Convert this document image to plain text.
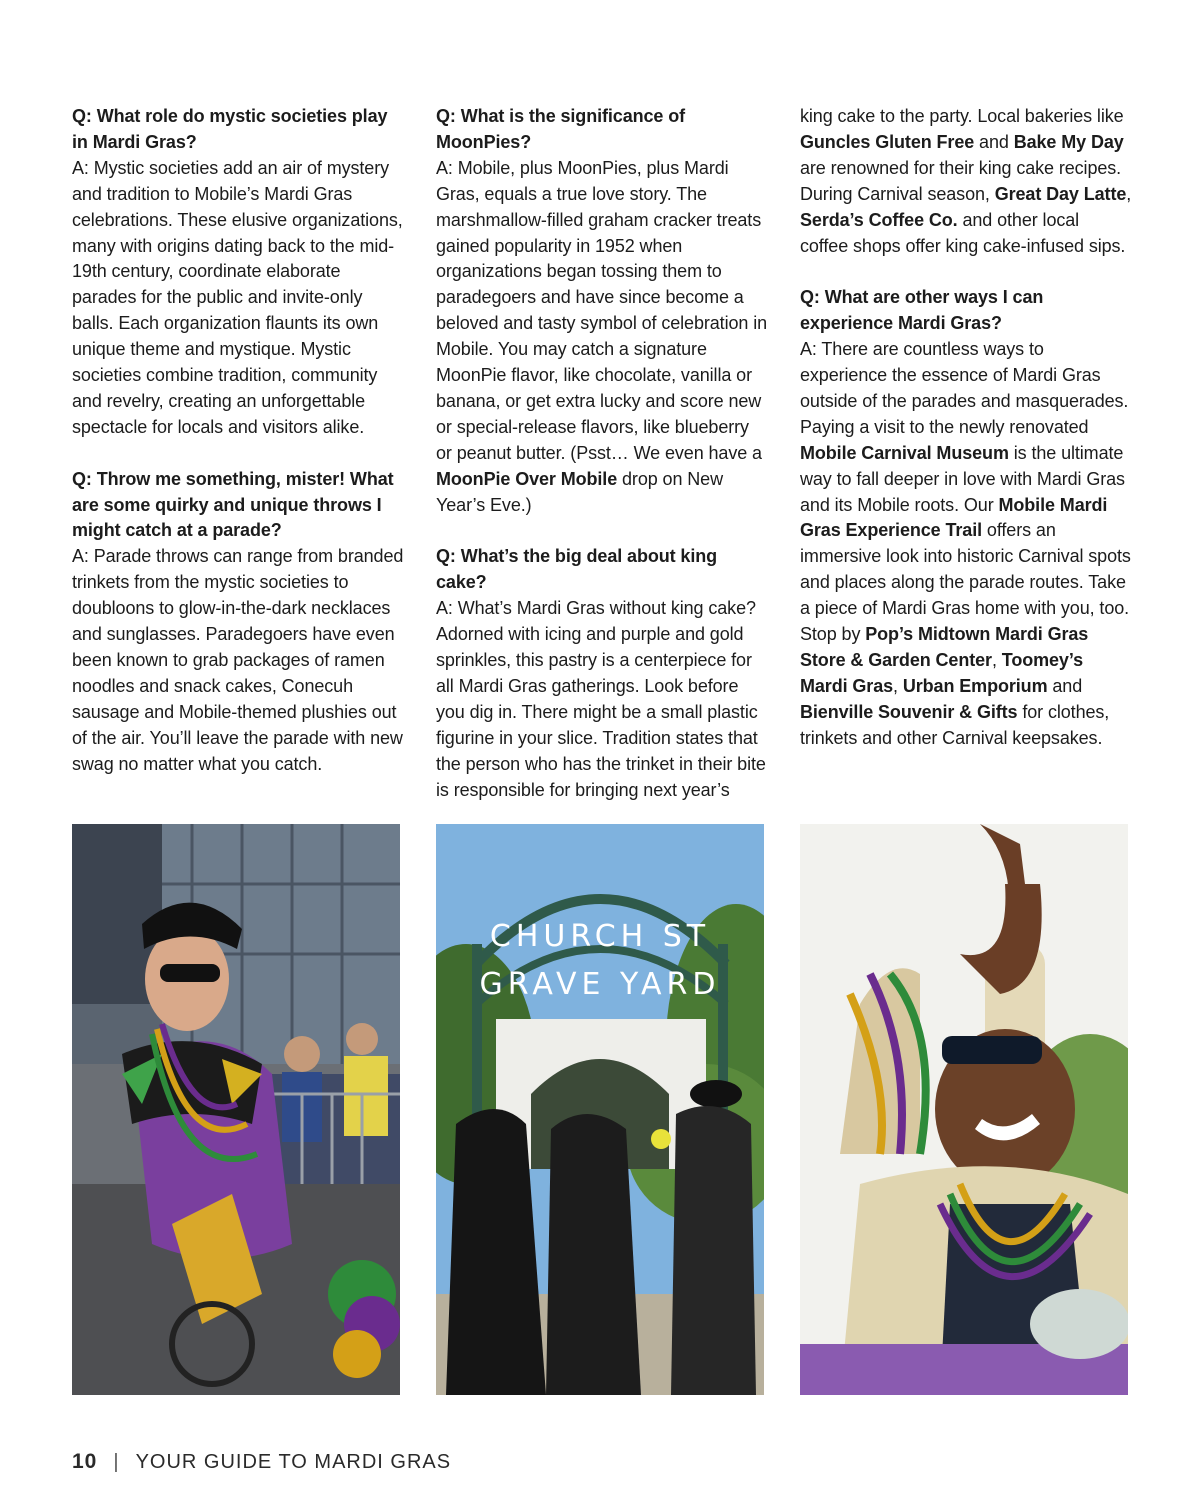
Q: What role do mystic societies play in Mardi Gras?
A: Mystic societies add an air of mystery and tradition to Mobile’s Mardi Gras celebrations. These elusive organizations, many with origins dating back to the mid-19th century, coordinate elaborate parades for the public and invite-only balls. Each organization flaunts its own unique theme and mystique. Mystic societies combine tradition, community and revelry, creating an unforgettable spectacle for locals and visitors alike.

Q: Throw me something, mister! What are some quirky and unique throws I might catch at a parade?
A: Parade throws can range from branded trinkets from the mystic societies to doubloons to glow-in-the-dark necklaces and sunglasses. Paradegoers have even been known to grab packages of ramen noodles and snack cakes, Conecuh sausage and Mobile-themed plushies out of the air. You’ll leave the parade with new swag no matter what you catch.

Q: What is the significance of MoonPies?
A: Mobile, plus MoonPies, plus Mardi Gras, equals a true love story. The marshmallow-filled graham cracker treats gained popularity in 1952 when organizations began tossing them to paradegoers and have since become a beloved and tasty symbol of celebration in Mobile. You may catch a signature MoonPie flavor, like chocolate, vanilla or banana, or get extra lucky and score new or special-release flavors, like blueberry or peanut butter. (Psst… We even have a MoonPie Over Mobile drop on New Year’s Eve.)

Q: What’s the big deal about king cake?
A: What’s Mardi Gras without king cake? Adorned with icing and purple and gold sprinkles, this pastry is a centerpiece for all Mardi Gras gatherings. Look before you dig in. There might be a small plastic figurine in your slice. Tradition states that the person who has the trinket in their bite is responsible for bringing next year’s

king cake to the party. Local bakeries like Guncles Gluten Free and Bake My Day are renowned for their king cake recipes. During Carnival season, Great Day Latte, Serda’s Coffee Co. and other local coffee shops offer king cake-infused sips.

Q: What are other ways I can experience Mardi Gras?
A: There are countless ways to experience the essence of Mardi Gras outside of the parades and masquerades. Paying a visit to the newly renovated Mobile Carnival Museum is the ultimate way to fall deeper in love with Mardi Gras and its Mobile roots. Our Mobile Mardi Gras Experience Trail offers an immersive look into historic Carnival spots and places along the parade routes. Take a piece of Mardi Gras home with you, too. Stop by Pop’s Midtown Mardi Gras Store & Garden Center, Toomey’s Mardi Gras, Urban Emporium and Bienville Souvenir & Gifts for clothes, trinkets and other Carnival keepsakes.

CHURCH ST
GRAVE YARD
10 | YOUR GUIDE TO MARDI GRAS
